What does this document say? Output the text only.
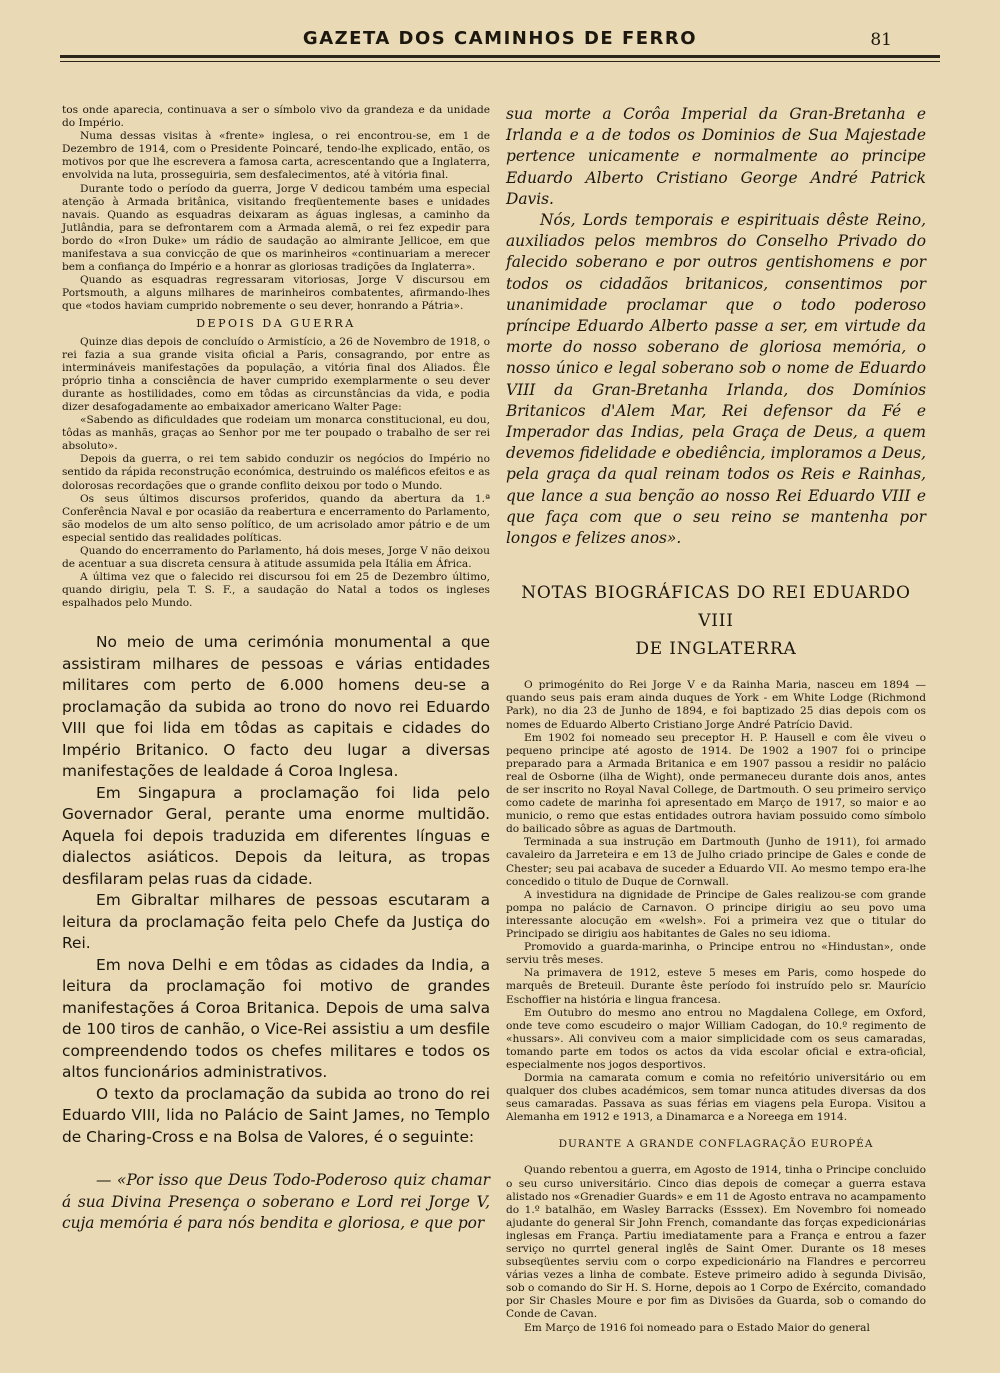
GAZETA DOS CAMINHOS DE FERRO	81

tos onde aparecia, continuava a ser o símbolo vivo da grandeza e da unidade do Império.

Numa dessas visitas à «frente» inglesa, o rei encontrou-se, em 1 de Dezembro de 1914, com o Presidente Poincaré, tendo-lhe explicado, então, os motivos por que lhe escrevera a famosa carta, acrescentando que a Inglaterra, envolvida na luta, prosseguiria, sem desfalecimentos, até à vitória final.

Durante todo o período da guerra, Jorge V dedicou também uma especial atenção à Armada britânica, visitando freqüentemente bases e unidades navais. Quando as esquadras deixaram as águas inglesas, a caminho da Jutlândia, para se defrontarem com a Armada alemã, o rei fez expedir para bordo do «Iron Duke» um rádio de saudação ao almirante Jellicoe, em que manifestava a sua convicção de que os marinheiros «continuariam a merecer bem a confiança do Império e a honrar as gloriosas tradições da Inglaterra».

Quando as esquadras regressaram vitoriosas, Jorge V discursou em Portsmouth, a alguns milhares de marinheiros combatentes, afirmando-lhes que «todos haviam cumprido nobremente o seu dever, honrando a Pátria».

DEPOIS DA GUERRA

Quinze dias depois de concluído o Armistício, a 26 de Novembro de 1918, o rei fazia a sua grande visita oficial a Paris, consagrando, por entre as intermináveis manifestações da população, a vitória final dos Aliados. Êle próprio tinha a consciência de haver cumprido exemplarmente o seu dever durante as hostilidades, como em tôdas as circunstâncias da vida, e podia dizer desafogadamente ao embaixador americano Walter Page:

«Sabendo as dificuldades que rodeiam um monarca constitucional, eu dou, tôdas as manhãs, graças ao Senhor por me ter poupado o trabalho de ser rei absoluto».

Depois da guerra, o rei tem sabido conduzir os negócios do Império no sentido da rápida reconstrução económica, destruindo os maléficos efeitos e as dolorosas recordações que o grande conflito deixou por todo o Mundo.

Os seus últimos discursos proferidos, quando da abertura da 1.ª Conferência Naval e por ocasião da reabertura e encerramento do Parlamento, são modelos de um alto senso político, de um acrisolado amor pátrio e de um especial sentido das realidades políticas.

Quando do encerramento do Parlamento, há dois meses, Jorge V não deixou de acentuar a sua discreta censura à atitude assumida pela Itália em África.

A última vez que o falecido rei discursou foi em 25 de Dezembro último, quando dirigiu, pela T. S. F., a saudação do Natal a todos os ingleses espalhados pelo Mundo.

No meio de uma cerimónia monumental a que assistiram milhares de pessoas e várias entidades militares com perto de 6.000 homens deu-se a proclamação da subida ao trono do novo rei Eduardo VIII que foi lida em tôdas as capitais e cidades do Império Britanico. O facto deu lugar a diversas manifestações de lealdade á Coroa Inglesa.

Em Singapura a proclamação foi lida pelo Governador Geral, perante uma enorme multidão. Aquela foi depois traduzida em diferentes línguas e dialectos asiáticos. Depois da leitura, as tropas desfilaram pelas ruas da cidade.

Em Gibraltar milhares de pessoas escutaram a leitura da proclamação feita pelo Chefe da Justiça do Rei.

Em nova Delhi e em tôdas as cidades da India, a leitura da proclamação foi motivo de grandes manifestações á Coroa Britanica. Depois de uma salva de 100 tiros de canhão, o Vice-Rei assistiu a um desfile compreendendo todos os chefes militares e todos os altos funcionários administrativos.

O texto da proclamação da subida ao trono do rei Eduardo VIII, lida no Palácio de Saint James, no Templo de Charing-Cross e na Bolsa de Valores, é o seguinte:

— «Por isso que Deus Todo-Poderoso quiz chamar á sua Divina Presença o soberano e Lord rei Jorge V, cuja memória é para nós bendita e gloriosa, e que por

sua morte a Corôa Imperial da Gran-Bretanha e Irlanda e a de todos os Dominios de Sua Majestade pertence unicamente e normalmente ao principe Eduardo Alberto Cristiano George André Patrick Davis.

Nós, Lords temporais e espirituais dêste Reino, auxiliados pelos membros do Conselho Privado do falecido soberano e por outros gentishomens e por todos os cidadãos britanicos, consentimos por unanimidade proclamar que o todo poderoso príncipe Eduardo Alberto passe a ser, em virtude da morte do nosso soberano de gloriosa memória, o nosso único e legal soberano sob o nome de Eduardo VIII da Gran-Bretanha Irlanda, dos Domínios Britanicos d'Alem Mar, Rei defensor da Fé e Imperador das Indias, pela Graça de Deus, a quem devemos fidelidade e obediência, imploramos a Deus, pela graça da qual reinam todos os Reis e Rainhas, que lance a sua benção ao nosso Rei Eduardo VIII e que faça com que o seu reino se mantenha por longos e felizes anos».

NOTAS BIOGRÁFICAS DO REI EDUARDO VIII
DE INGLATERRA

O primogénito do Rei Jorge V e da Rainha Maria, nasceu em 1894 — quando seus pais eram ainda duques de York - em White Lodge (Richmond Park), no dia 23 de Junho de 1894, e foi baptizado 25 dias depois com os nomes de Eduardo Alberto Cristiano Jorge André Patrício David.

Em 1902 foi nomeado seu preceptor H. P. Hausell e com êle viveu o pequeno principe até agosto de 1914. De 1902 a 1907 foi o principe preparado para a Armada Britanica e em 1907 passou a residir no palácio real de Osborne (ilha de Wight), onde permaneceu durante dois anos, antes de ser inscrito no Royal Naval College, de Dartmouth. O seu primeiro serviço como cadete de marinha foi apresentado em Março de 1917, so maior e ao municio, o remo que estas entidades outrora haviam possuido como símbolo do bailicado sôbre as aguas de Dartmouth.

Terminada a sua instrução em Dartmouth (Junho de 1911), foi armado cavaleiro da Jarreteira e em 13 de Julho criado principe de Gales e conde de Chester; seu pai acabava de suceder a Eduardo VII. Ao mesmo tempo era-lhe concedido o titulo de Duque de Cornwall.

A investidura na dignidade de Principe de Gales realizou-se com grande pompa no palácio de Carnavon. O principe dirigiu ao seu povo uma interessante alocução em «welsh». Foi a primeira vez que o titular do Principado se dirigiu aos habitantes de Gales no seu idioma.

Promovido a guarda-marinha, o Principe entrou no «Hindustan», onde serviu três meses.

Na primavera de 1912, esteve 5 meses em Paris, como hospede do marquês de Breteuil. Durante êste período foi instruído pelo sr. Maurício Eschoffier na história e lingua francesa.

Em Outubro do mesmo ano entrou no Magdalena College, em Oxford, onde teve como escudeiro o major William Cadogan, do 10.º regimento de «hussars». Ali conviveu com a maior simplicidade com os seus camaradas, tomando parte em todos os actos da vida escolar oficial e extra-oficial, especialmente nos jogos desportivos.

Dormia na camarata comum e comia no refeitório universitário ou em qualquer dos clubes académicos, sem tomar nunca atitudes diversas da dos seus camaradas. Passava as suas férias em viagens pela Europa. Visitou a Alemanha em 1912 e 1913, a Dinamarca e a Noreega em 1914.

DURANTE A GRANDE CONFLAGRAÇÃO EUROPÉA

Quando rebentou a guerra, em Agosto de 1914, tinha o Principe concluido o seu curso universitário. Cinco dias depois de começar a guerra estava alistado nos «Grenadier Guards» e em 11 de Agosto entrava no acampamento do 1.º batalhão, em Wasley Barracks (Esssex). Em Novembro foi nomeado ajudante do general Sir John French, comandante das forças expedicionárias inglesas em França. Partiu imediatamente para a França e entrou a fazer serviço no qurrtel general inglês de Saint Omer. Durante os 18 meses subseqüentes serviu com o corpo expedicionário na Flandres e percorreu várias vezes a linha de combate. Esteve primeiro adido à segunda Divisão, sob o comando do Sir H. S. Horne, depois ao 1 Corpo de Exército, comandado por Sir Chasles Moure e por fim as Divisões da Guarda, sob o comando do Conde de Cavan.

Em Março de 1916 foi nomeado para o Estado Maior do general
